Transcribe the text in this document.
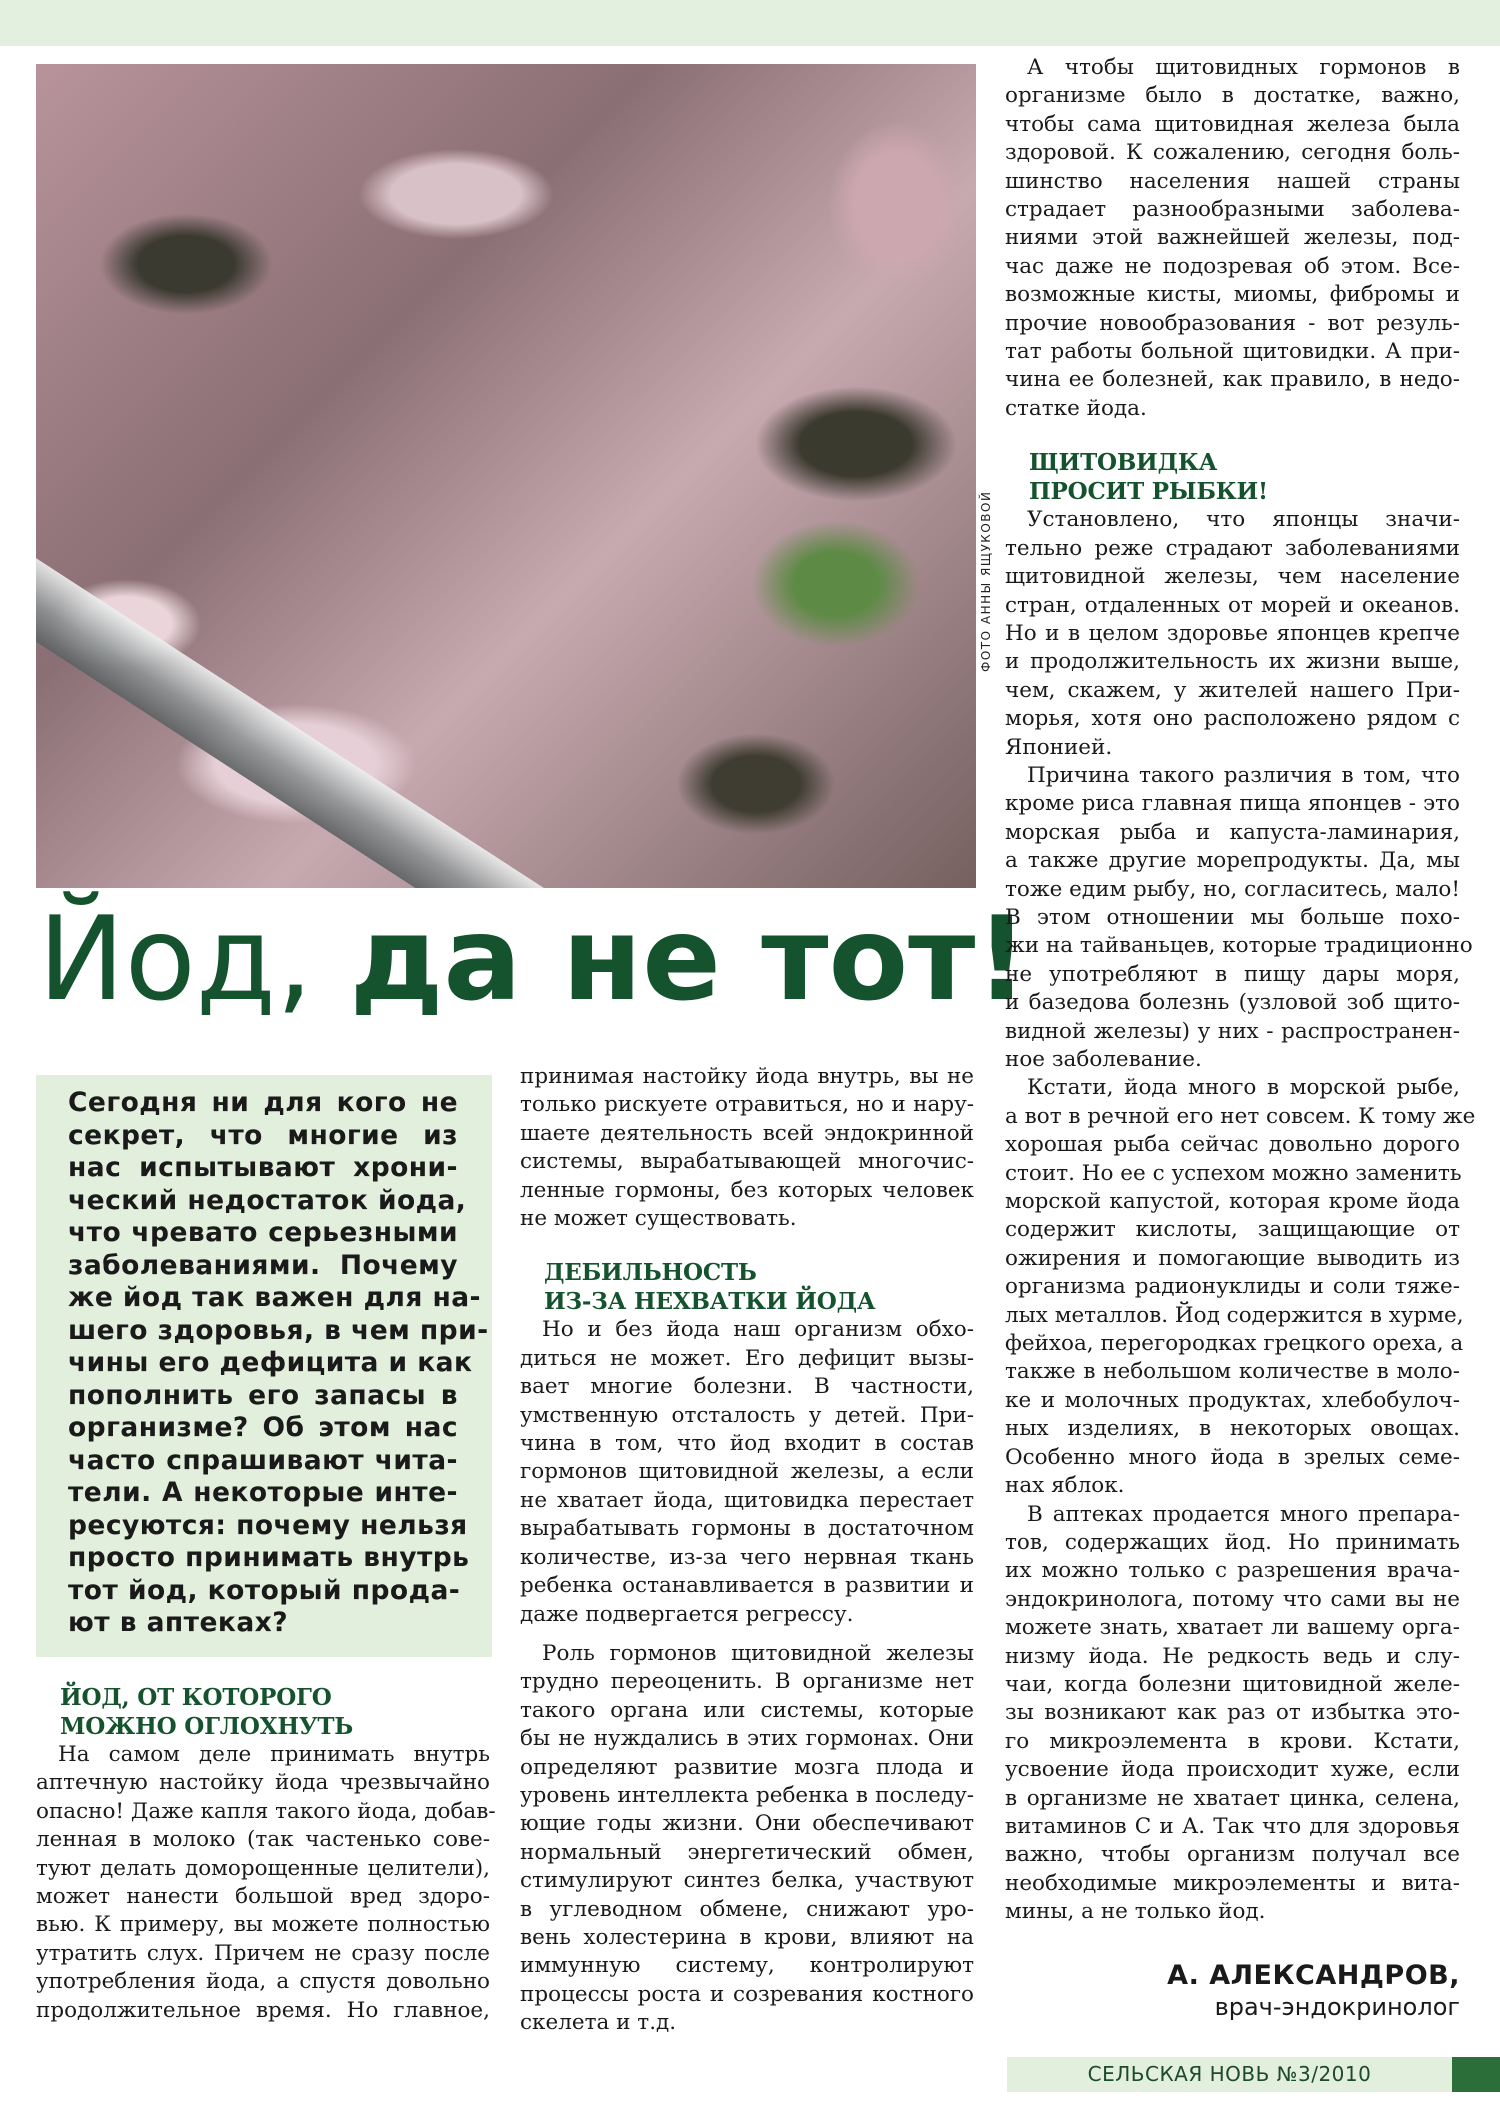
ФОТО АННЫ ЯЩУКОВОЙ
Йод, да не тот!
Сегодня ни для кого не
секрет, что многие из
нас испытывают хрони-
ческий недостаток йода,
что чревато серьезными
заболеваниями. Почему
же йод так важен для на-
шего здоровья, в чем при-
чины его дефицита и как
пополнить его запасы в
организме? Об этом нас
часто спрашивают чита-
тели. А некоторые инте-
ресуются: почему нельзя
просто принимать внутрь
тот йод, который прода-
ют в аптеках?
ЙОД, ОТ КОТОРОГО
МОЖНО ОГЛОХНУТЬ
На самом деле принимать внутрь
аптечную настойку йода чрезвычайно
опасно! Даже капля такого йода, добав-
ленная в молоко (так частенько сове-
туют делать доморощенные целители),
может нанести большой вред здоро-
вью. К примеру, вы можете полностью
утратить слух. Причем не сразу после
употребления йода, а спустя довольно
продолжительное время. Но главное,
принимая настойку йода внутрь, вы не
только рискуете отравиться, но и нару-
шаете деятельность всей эндокринной
системы, вырабатывающей многочис-
ленные гормоны, без которых человек
не может существовать.
ДЕБИЛЬНОСТЬ
ИЗ-ЗА НЕХВАТКИ ЙОДА
Но и без йода наш организм обхо-
диться не может. Его дефицит вызы-
вает многие болезни. В частности,
умственную отсталость у детей. При-
чина в том, что йод входит в состав
гормонов щитовидной железы, а если
не хватает йода, щитовидка перестает
вырабатывать гормоны в достаточном
количестве, из-за чего нервная ткань
ребенка останавливается в развитии и
даже подвергается регрессу.
Роль гормонов щитовидной железы
трудно переоценить. В организме нет
такого органа или системы, которые
бы не нуждались в этих гормонах. Они
определяют развитие мозга плода и
уровень интеллекта ребенка в последу-
ющие годы жизни. Они обеспечивают
нормальный энергетический обмен,
стимулируют синтез белка, участвуют
в углеводном обмене, снижают уро-
вень холестерина в крови, влияют на
иммунную систему, контролируют
процессы роста и созревания костного
скелета и т.д.
А чтобы щитовидных гормонов в
организме было в достатке, важно,
чтобы сама щитовидная железа была
здоровой. К сожалению, сегодня боль-
шинство населения нашей страны
страдает разнообразными заболева-
ниями этой важнейшей железы, под-
час даже не подозревая об этом. Все-
возможные кисты, миомы, фибромы и
прочие новообразования - вот резуль-
тат работы больной щитовидки. А при-
чина ее болезней, как правило, в недо-
статке йода.
ЩИТОВИДКА
ПРОСИТ РЫБКИ!
Установлено, что японцы значи-
тельно реже страдают заболеваниями
щитовидной железы, чем население
стран, отдаленных от морей и океанов.
Но и в целом здоровье японцев крепче
и продолжительность их жизни выше,
чем, скажем, у жителей нашего При-
морья, хотя оно расположено рядом с
Японией.
Причина такого различия в том, что
кроме риса главная пища японцев - это
морская рыба и капуста-ламинария,
а также другие морепродукты. Да, мы
тоже едим рыбу, но, согласитесь, мало!
В этом отношении мы больше похо-
жи на тайваньцев, которые традиционно
не употребляют в пищу дары моря,
и базедова болезнь (узловой зоб щито-
видной железы) у них - распространен-
ное заболевание.
Кстати, йода много в морской рыбе,
а вот в речной его нет совсем. К тому же
хорошая рыба сейчас довольно дорого
стоит. Но ее с успехом можно заменить
морской капустой, которая кроме йода
содержит кислоты, защищающие от
ожирения и помогающие выводить из
организма радионуклиды и соли тяже-
лых металлов. Йод содержится в хурме,
фейхоа, перегородках грецкого ореха, а
также в небольшом количестве в моло-
ке и молочных продуктах, хлебобулоч-
ных изделиях, в некоторых овощах.
Особенно много йода в зрелых семе-
нах яблок.
В аптеках продается много препара-
тов, содержащих йод. Но принимать
их можно только с разрешения врача-
эндокринолога, потому что сами вы не
можете знать, хватает ли вашему орга-
низму йода. Не редкость ведь и слу-
чаи, когда болезни щитовидной желе-
зы возникают как раз от избытка это-
го микроэлемента в крови. Кстати,
усвоение йода происходит хуже, если
в организме не хватает цинка, селена,
витаминов С и А. Так что для здоровья
важно, чтобы организм получал все
необходимые микроэлементы и вита-
мины, а не только йод.
А. АЛЕКСАНДРОВ,
врач-эндокринолог
СЕЛЬСКАЯ НОВЬ №3/2010
